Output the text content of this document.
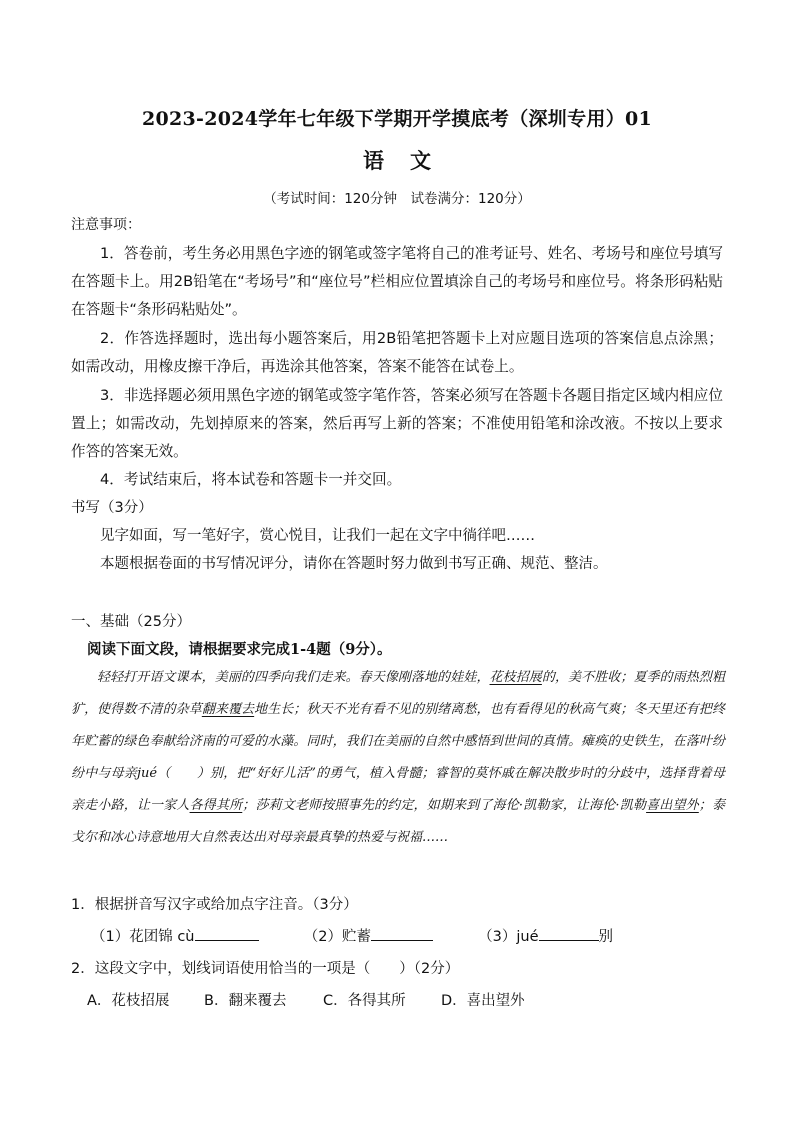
2023-2024学年七年级下学期开学摸底考（深圳专用）01
语文
（考试时间：120分钟　试卷满分：120分）
注意事项：
1．答卷前，考生务必用黑色字迹的钢笔或签字笔将自己的准考证号、姓名、考场号和座位号填写在答题卡上。用2B铅笔在“考场号”和“座位号”栏相应位置填涂自己的考场号和座位号。将条形码粘贴在答题卡“条形码粘贴处”。
2．作答选择题时，选出每小题答案后，用2B铅笔把答题卡上对应题目选项的答案信息点涂黑；如需改动，用橡皮擦干净后，再选涂其他答案，答案不能答在试卷上。
3．非选择题必须用黑色字迹的钢笔或签字笔作答，答案必须写在答题卡各题目指定区域内相应位置上；如需改动，先划掉原来的答案，然后再写上新的答案；不准使用铅笔和涂改液。不按以上要求作答的答案无效。
4．考试结束后，将本试卷和答题卡一并交回。
书写（3分）
见字如面，写一笔好字，赏心悦目，让我们一起在文字中徜徉吧……
本题根据卷面的书写情况评分，请你在答题时努力做到书写正确、规范、整洁。
一、基础（25分）
阅读下面文段，请根据要求完成1-4题（9分）。
轻轻打开语文课本，美丽的四季向我们走来。春天像刚落地的娃娃，花枝招展的，美不胜收；夏季的雨热烈粗犷，使得数不清的杂草翻来覆去地生长；秋天不光有看不见的别绪离愁，也有看得见的秋高气爽；冬天里还有把终年贮蓄的绿色奉献给济南的可爱的水藻。同时，我们在美丽的自然中感悟到世间的真情。瘫痪的史铁生，在落叶纷纷中与母亲jué（　　）别，把“好好儿活”的勇气，植入骨髓；睿智的莫怀戚在解决散步时的分歧中，选择背着母亲走小路，让一家人各得其所；莎莉文老师按照事先的约定，如期来到了海伦·凯勒家，让海伦·凯勒喜出望外；泰戈尔和冰心诗意地用大自然表达出对母亲最真挚的热爱与祝福……
1．根据拼音写汉字或给加点字注音。（3分）
（1）花团锦 cù	（2）贮蓄	（3）jué	别
2．这段文字中，划线词语使用恰当的一项是（　　）（2分）
A．花枝招展 B．翻来覆去	C．各得其所 D．喜出望外
